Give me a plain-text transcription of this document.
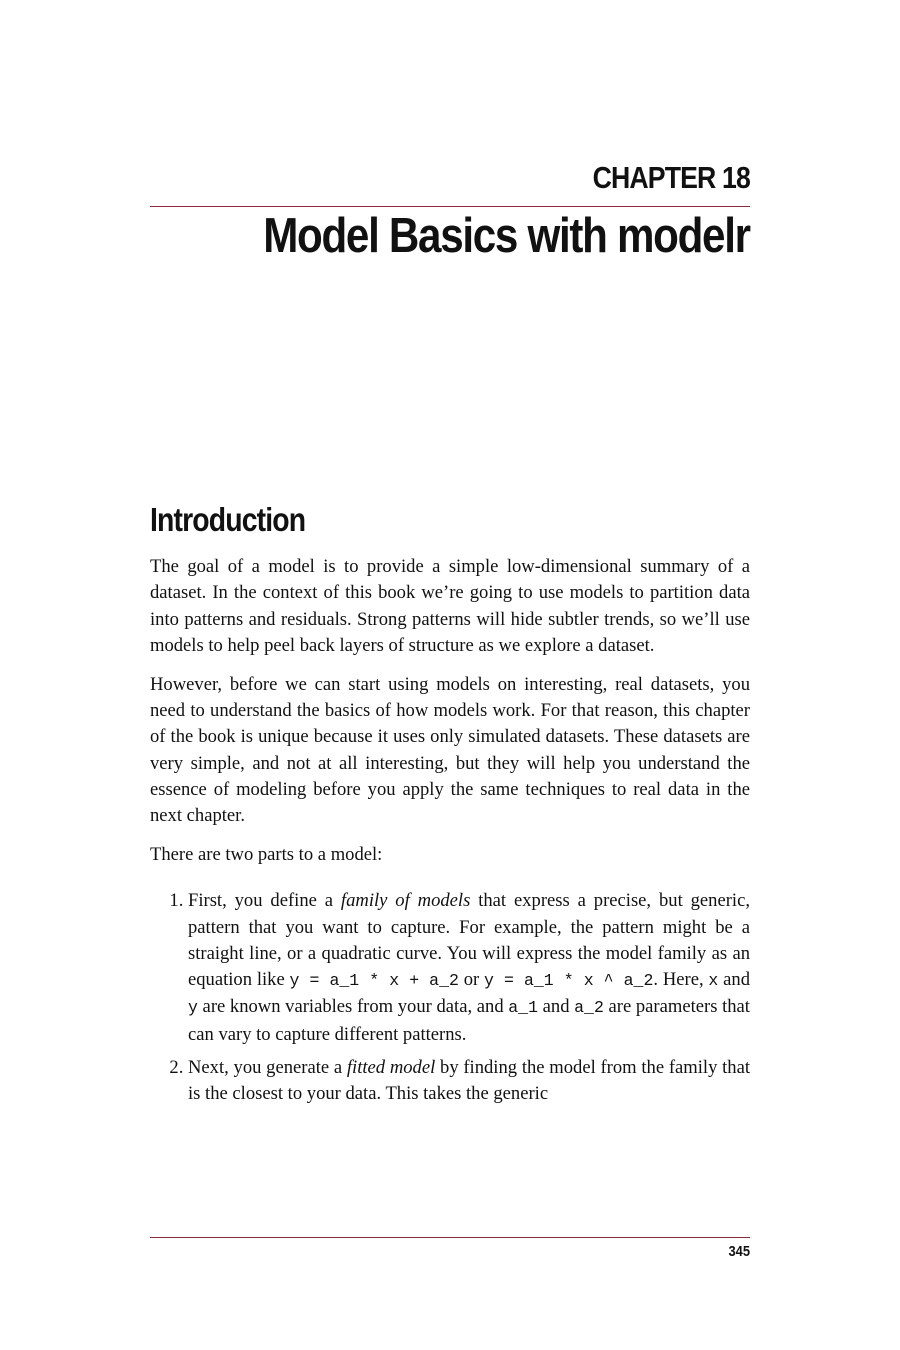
CHAPTER 18
Model Basics with modelr
Introduction

The goal of a model is to provide a simple low-dimensional summary of a dataset. In the context of this book we’re going to use models to partition data into patterns and residuals. Strong patterns will hide subtler trends, so we’ll use models to help peel back layers of structure as we explore a dataset.

However, before we can start using models on interesting, real datasets, you need to understand the basics of how models work. For that reason, this chapter of the book is unique because it uses only simulated datasets. These datasets are very simple, and not at all interesting, but they will help you understand the essence of modeling before you apply the same techniques to real data in the next chapter.

There are two parts to a model:

1. First, you define a family of models that express a precise, but generic, pattern that you want to capture. For example, the pattern might be a straight line, or a quadratic curve. You will express the model family as an equation like y = a_1 * x + a_2 or y = a_1 * x ^ a_2. Here, x and y are known variables from your data, and a_1 and a_2 are parameters that can vary to capture different patterns.
2. Next, you generate a fitted model by finding the model from the family that is the closest to your data. This takes the generic
345
